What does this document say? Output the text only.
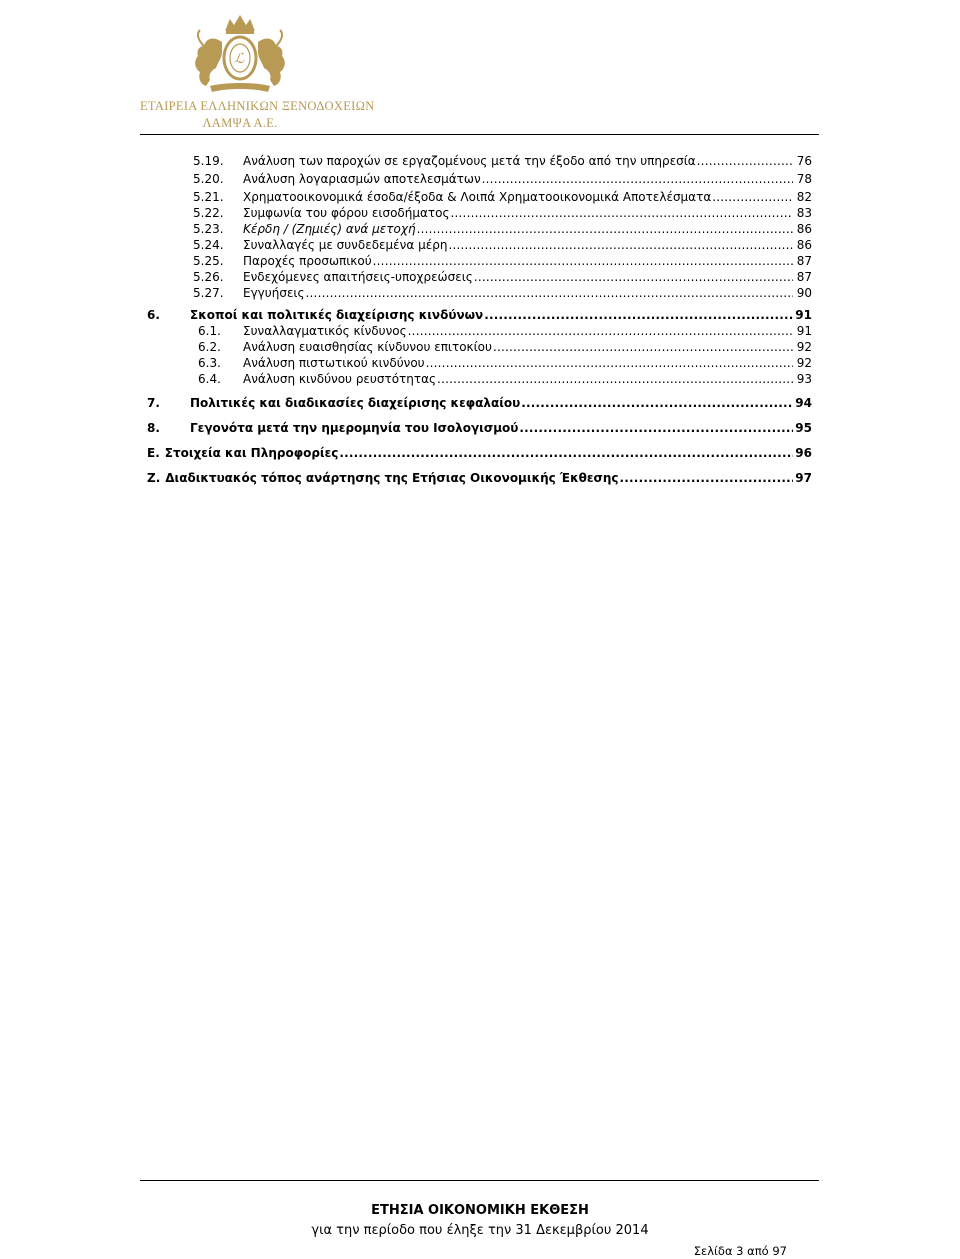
ℒ
ΕΤΑΙΡΕΙΑ ΕΛΛΗΝΙΚΩΝ ΞΕΝΟΔΟΧΕΙΩΝ
ΛΑΜΨΑ Α.Ε.
5.19.	Ανάλυση των παροχών σε εργαζομένους μετά την έξοδο από την υπηρεσία .....	76
5.20.	Ανάλυση λογαριασμών αποτελεσμάτων .....	78
5.21.	Χρηματοοικονομικά έσοδα/έξοδα & Λοιπά Χρηματοοικονομικά Αποτελέσματα .....	82
5.22.	Συμφωνία του φόρου εισοδήματος .....	83
5.23.	Κέρδη / (Ζημιές) ανά μετοχή .....	86
5.24.	Συναλλαγές με συνδεδεμένα μέρη .....	86
5.25.	Παροχές προσωπικού .....	87
5.26.	Ενδεχόμενες απαιτήσεις-υποχρεώσεις .....	87
5.27.	Εγγυήσεις .....	90
6.	Σκοποί και πολιτικές διαχείρισης κινδύνων .....	91
6.1.	Συναλλαγματικός κίνδυνος .....	91
6.2.	Ανάλυση ευαισθησίας κίνδυνου επιτοκίου .....	92
6.3.	Ανάλυση πιστωτικού κινδύνου .....	92
6.4.	Ανάλυση κινδύνου ρευστότητας .....	93
7.	Πολιτικές και διαδικασίες διαχείρισης κεφαλαίου .....	94
8.	Γεγονότα μετά την ημερομηνία του Ισολογισμού .....	95
E. Στοιχεία και Πληροφορίες .....	96
Z. Διαδικτυακός τόπος ανάρτησης της Ετήσιας Οικονομικής Έκθεσης .....	97
ΕΤΗΣΙΑ ΟΙΚΟΝΟΜΙΚΗ ΕΚΘΕΣΗ
για την περίοδο που έληξε την 31 Δεκεμβρίου 2014
Σελίδα 3 από 97
